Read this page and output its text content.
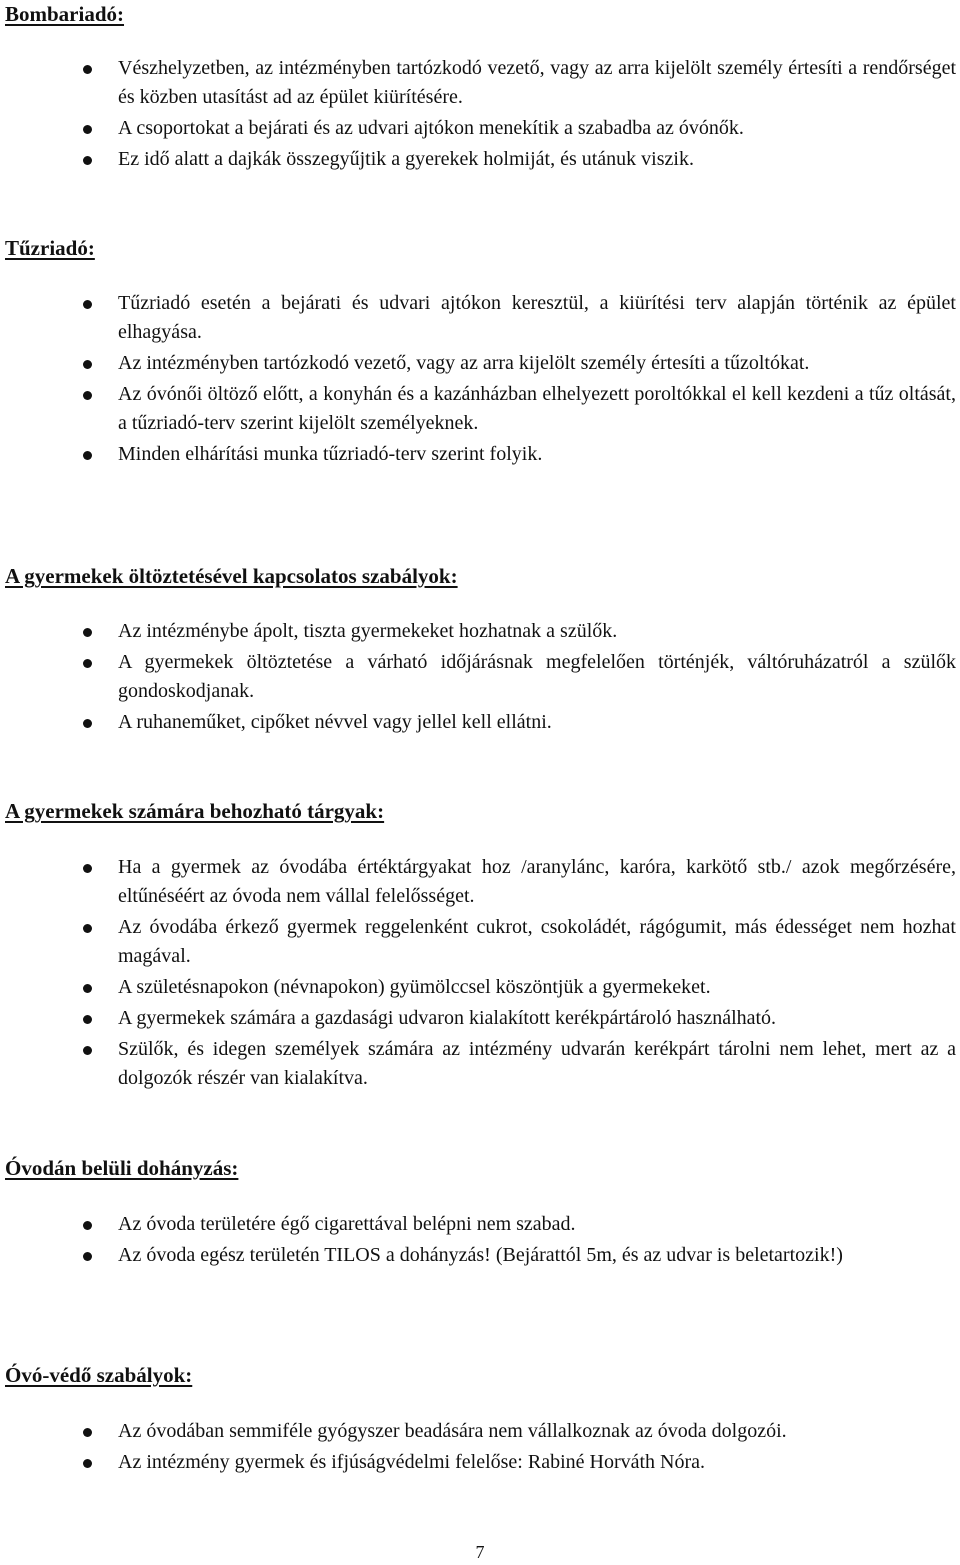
Bombariadó:
Vészhelyzetben, az intézményben tartózkodó vezető, vagy az arra kijelölt személy értesíti a rendőrséget és közben utasítást ad az épület kiürítésére.
A csoportokat a bejárati és az udvari ajtókon menekítik a szabadba az óvónők.
Ez idő alatt a dajkák összegyűjtik a gyerekek holmiját, és utánuk viszik.
Tűzriadó:
Tűzriadó esetén a bejárati és udvari ajtókon keresztül, a kiürítési terv alapján történik az épület elhagyása.
Az intézményben tartózkodó vezető, vagy az arra kijelölt személy értesíti a tűzoltókat.
Az óvónői öltöző előtt, a konyhán és a kazánházban elhelyezett poroltókkal el kell kezdeni a tűz oltását, a tűzriadó-terv szerint kijelölt személyeknek.
Minden elhárítási munka tűzriadó-terv szerint folyik.
A gyermekek öltöztetésével kapcsolatos szabályok:
Az intézménybe ápolt, tiszta gyermekeket hozhatnak a szülők.
A gyermekek öltöztetése a várható időjárásnak megfelelően történjék, váltóruházatról a szülők gondoskodjanak.
A ruhaneműket, cipőket névvel vagy jellel kell ellátni.
A gyermekek számára behozható tárgyak:
Ha a gyermek az óvodába értéktárgyakat hoz /aranylánc, karóra, karkötő stb./ azok megőrzésére, eltűnéséért az óvoda nem vállal felelősséget.
Az óvodába érkező gyermek reggelenként cukrot, csokoládét, rágógumit, más édességet nem hozhat magával.
A születésnapokon (névnapokon) gyümölccsel köszöntjük a gyermekeket.
A gyermekek számára a gazdasági udvaron kialakított kerékpártároló használható.
Szülők, és idegen személyek számára az intézmény udvarán kerékpárt tárolni nem lehet, mert az a dolgozók részér van kialakítva.
Óvodán belüli dohányzás:
Az óvoda területére égő cigarettával belépni nem szabad.
Az óvoda egész területén TILOS a dohányzás! (Bejárattól 5m, és az udvar is beletartozik!)
Óvó-védő szabályok:
Az óvodában semmiféle gyógyszer beadására nem vállalkoznak az óvoda dolgozói.
Az intézmény gyermek és ifjúságvédelmi felelőse: Rabiné Horváth Nóra.
7
